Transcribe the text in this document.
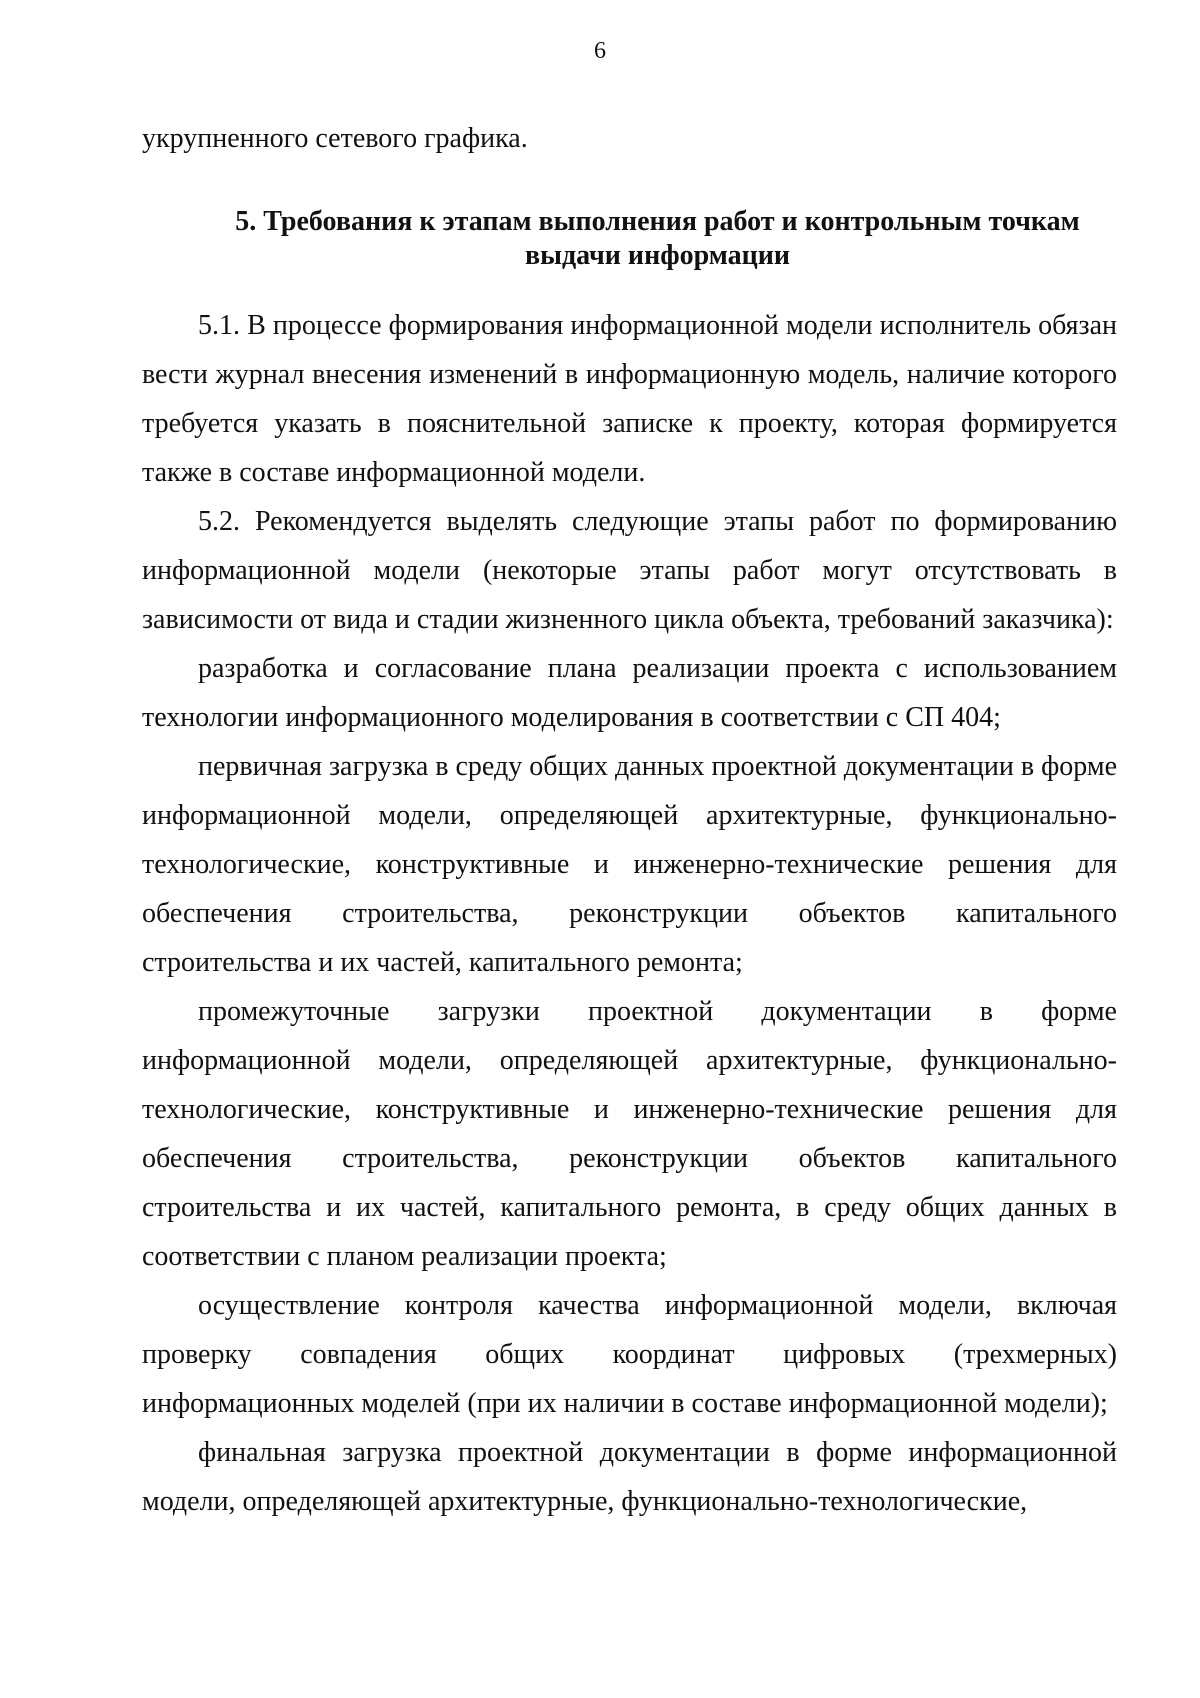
6

укрупненного сетевого графика.

5. Требования к этапам выполнения работ и контрольным точкам
выдачи информации

5.1. В процессе формирования информационной модели исполнитель обязан вести журнал внесения изменений в информационную модель, наличие которого требуется указать в пояснительной записке к проекту, которая формируется также в составе информационной модели.

5.2. Рекомендуется выделять следующие этапы работ по формированию информационной модели (некоторые этапы работ могут отсутствовать в зависимости от вида и стадии жизненного цикла объекта, требований заказчика):

разработка и согласование плана реализации проекта с использованием технологии информационного моделирования в соответствии с СП 404;

первичная загрузка в среду общих данных проектной документации в форме информационной модели, определяющей архитектурные, функционально-технологические, конструктивные и инженерно-технические решения для обеспечения строительства, реконструкции объектов капитального строительства и их частей, капитального ремонта;

промежуточные загрузки проектной документации в форме информационной модели, определяющей архитектурные, функционально-технологические, конструктивные и инженерно-технические решения для обеспечения строительства, реконструкции объектов капитального строительства и их частей, капитального ремонта, в среду общих данных в соответствии с планом реализации проекта;

осуществление контроля качества информационной модели, включая проверку совпадения общих координат цифровых (трехмерных) информационных моделей (при их наличии в составе информационной модели);

финальная загрузка проектной документации в форме информационной модели, определяющей архитектурные, функционально-технологические,
